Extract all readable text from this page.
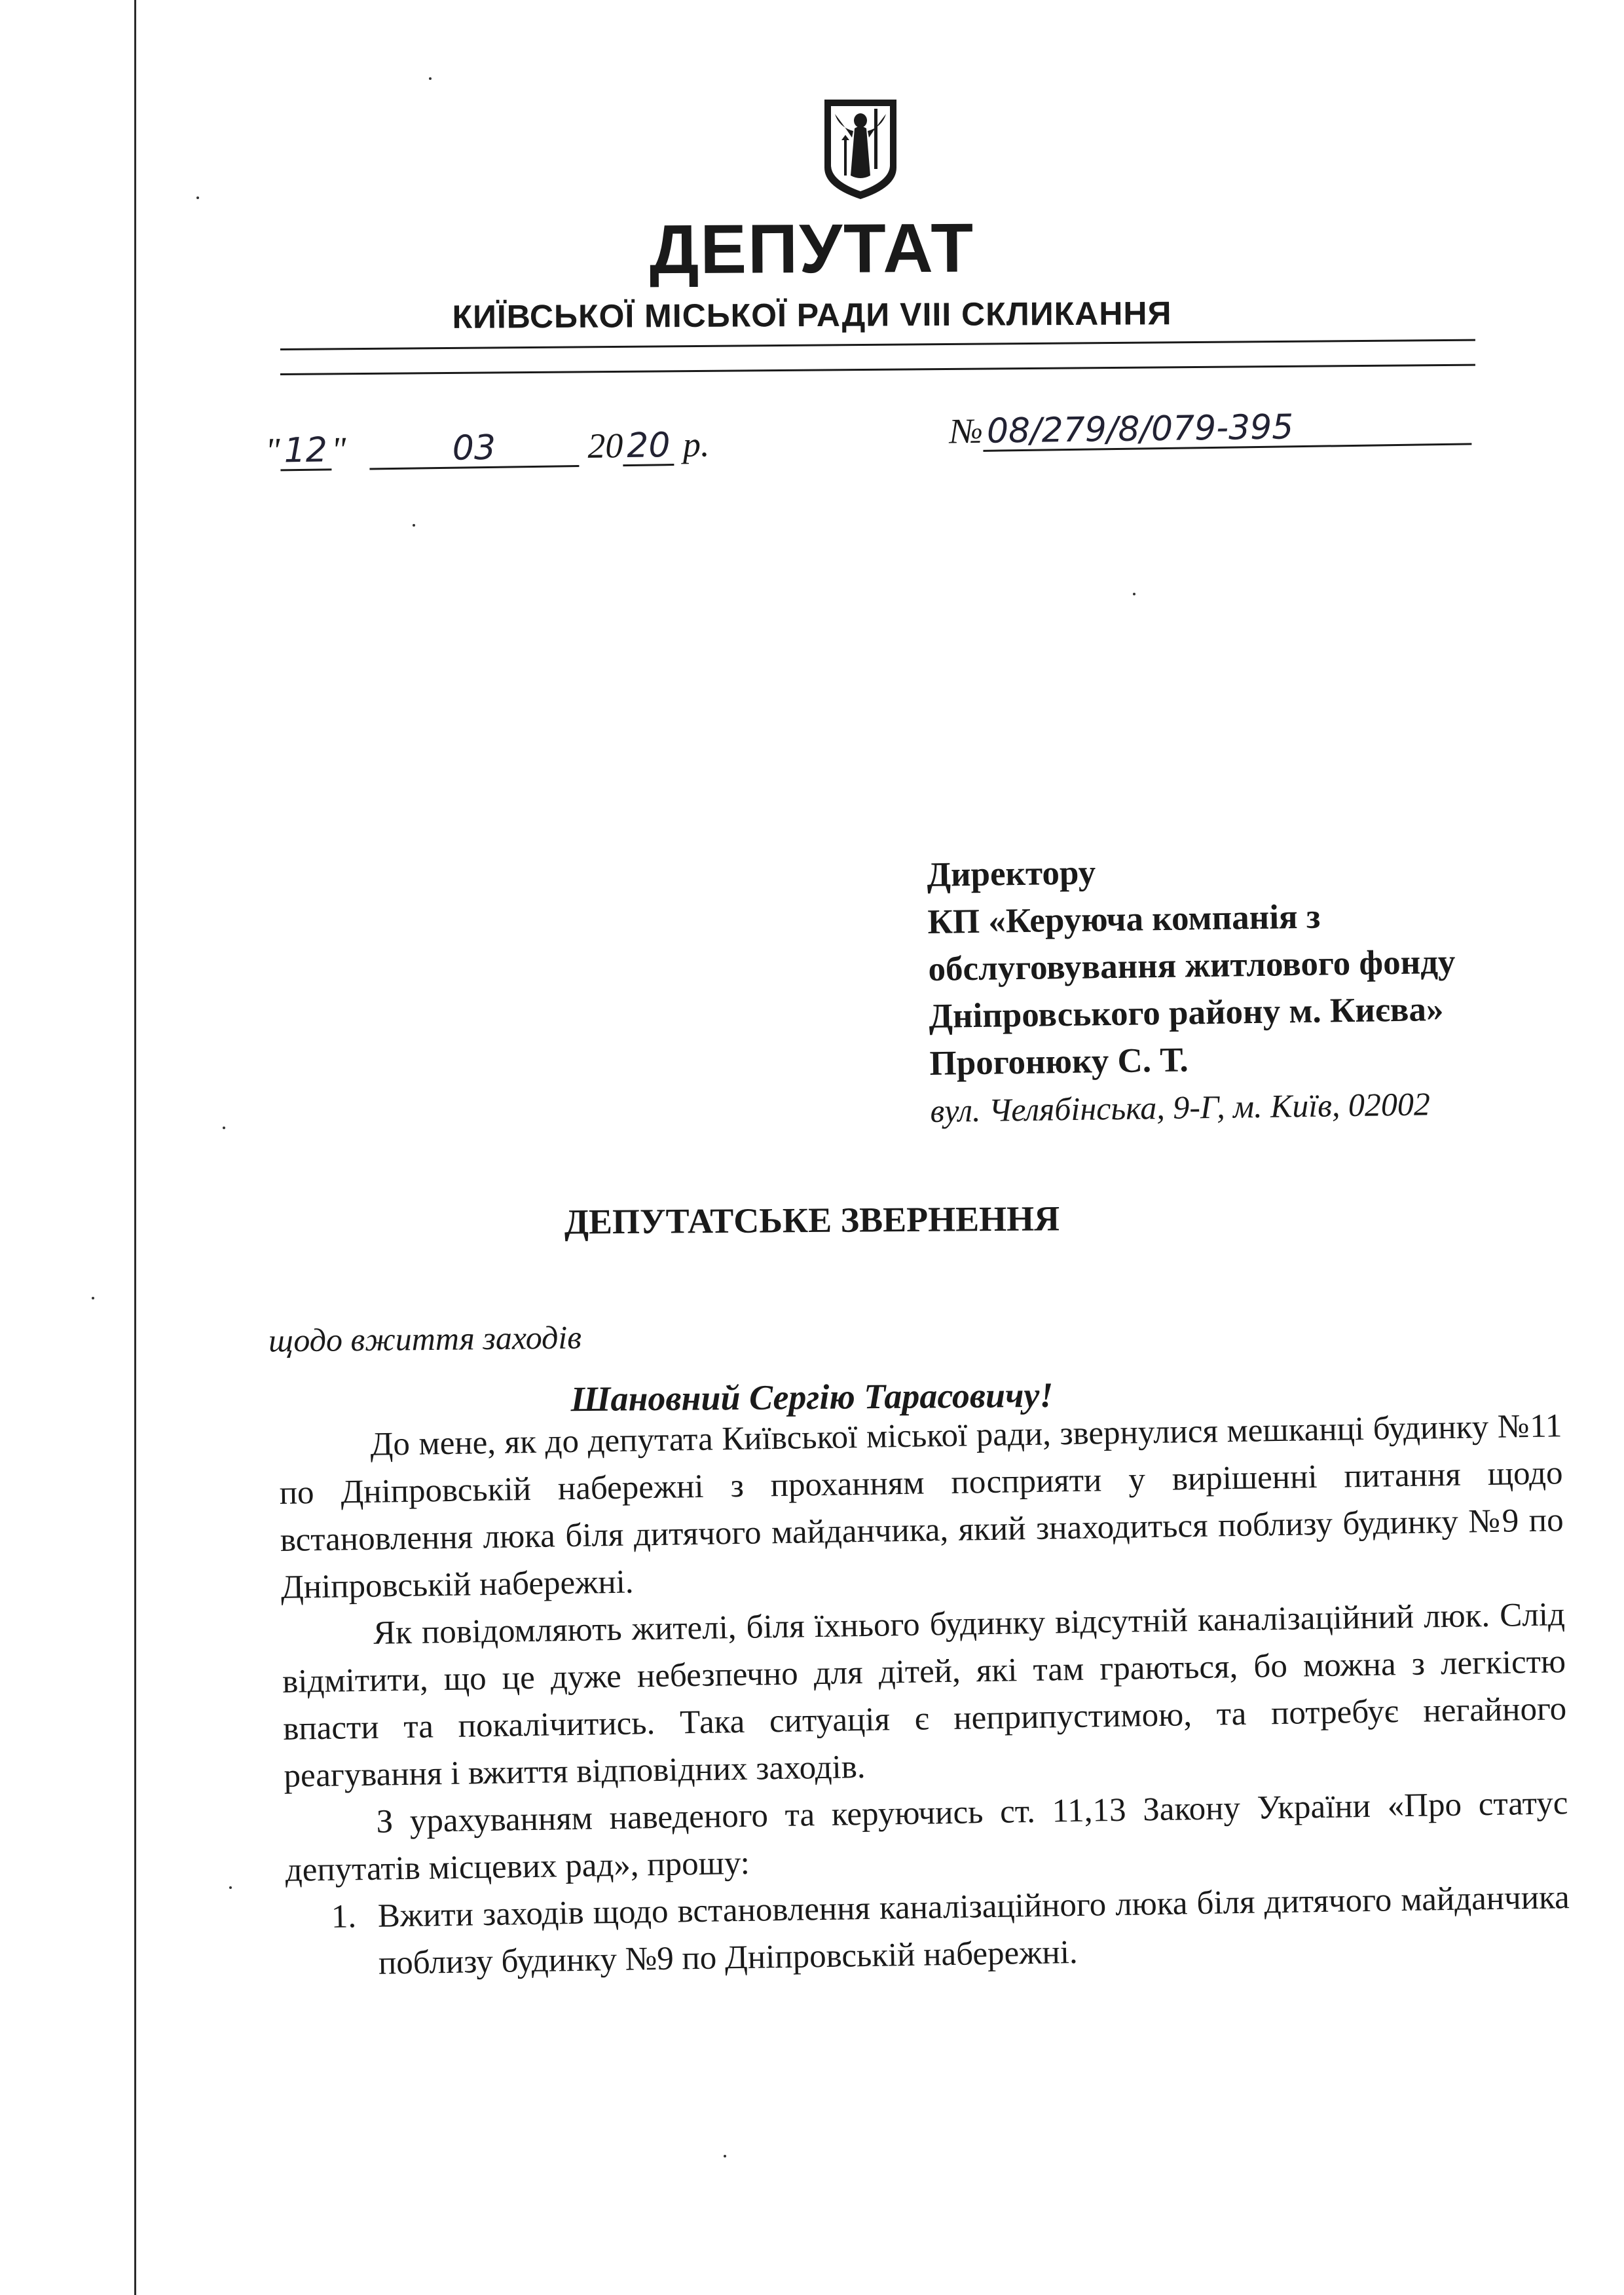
ДЕПУТАТ
КИЇВСЬКОЇ МІСЬКОЇ РАДИ VIII СКЛИКАННЯ
"12"	03	2020 р.	№08/279/8/079-395
Директору
КП «Керуюча компанія з
обслуговування житлового фонду
Дніпровського району м. Києва»
Прогонюку С. Т.
вул. Челябінська, 9-Г, м. Київ, 02002
ДЕПУТАТСЬКЕ ЗВЕРНЕННЯ
щодо вжиття заходів
Шановний Сергію Тарасовичу!

До мене, як до депутата Київської міської ради, звернулися мешканці будинку №11 по Дніпровській набережні з проханням посприяти у вирішенні питання щодо встановлення люка біля дитячого майданчика, який знаходиться поблизу будинку №9 по Дніпровській набережні.

Як повідомляють жителі, біля їхнього будинку відсутній каналізаційний люк. Слід відмітити, що це дуже небезпечно для дітей, які там граються, бо можна з легкістю впасти та покалічитись. Така ситуація є неприпустимою, та потребує негайного реагування і вжиття відповідних заходів.

З урахуванням наведеного та керуючись ст. 11,13 Закону України «Про статус депутатів місцевих рад», прошу:

1. Вжити заходів щодо встановлення каналізаційного люка біля дитячого майданчика поблизу будинку №9 по Дніпровській набережні.
